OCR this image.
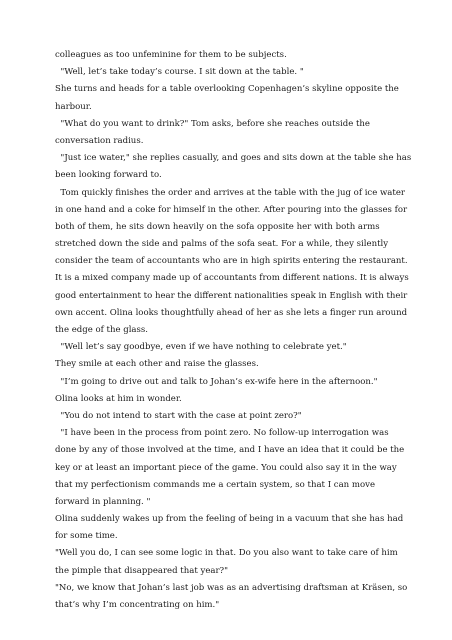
colleagues as too unfeminine for them to be subjects.
"Well, let’s take today’s course. I sit down at the table. "
She turns and heads for a table overlooking Copenhagen’s skyline opposite the
harbour.
"What do you want to drink?" Tom asks, before she reaches outside the
conversation radius.
"Just ice water," she replies casually, and goes and sits down at the table she has
been looking forward to.
Tom quickly finishes the order and arrives at the table with the jug of ice water
in one hand and a coke for himself in the other. After pouring into the glasses for
both of them, he sits down heavily on the sofa opposite her with both arms
stretched down the side and palms of the sofa seat. For a while, they silently
consider the team of accountants who are in high spirits entering the restaurant.
It is a mixed company made up of accountants from different nations. It is always
good entertainment to hear the different nationalities speak in English with their
own accent. Olina looks thoughtfully ahead of her as she lets a finger run around
the edge of the glass.
"Well let’s say goodbye, even if we have nothing to celebrate yet."
They smile at each other and raise the glasses.
"I’m going to drive out and talk to Johan’s ex-wife here in the afternoon."
Olina looks at him in wonder.
"You do not intend to start with the case at point zero?"
"I have been in the process from point zero. No follow-up interrogation was
done by any of those involved at the time, and I have an idea that it could be the
key or at least an important piece of the game. You could also say it in the way
that my perfectionism commands me a certain system, so that I can move
forward in planning. "
Olina suddenly wakes up from the feeling of being in a vacuum that she has had
for some time.
"Well you do, I can see some logic in that. Do you also want to take care of him
the pimple that disappeared that year?"
"No, we know that Johan’s last job was as an advertising draftsman at Kräsen, so
that’s why I’m concentrating on him."
